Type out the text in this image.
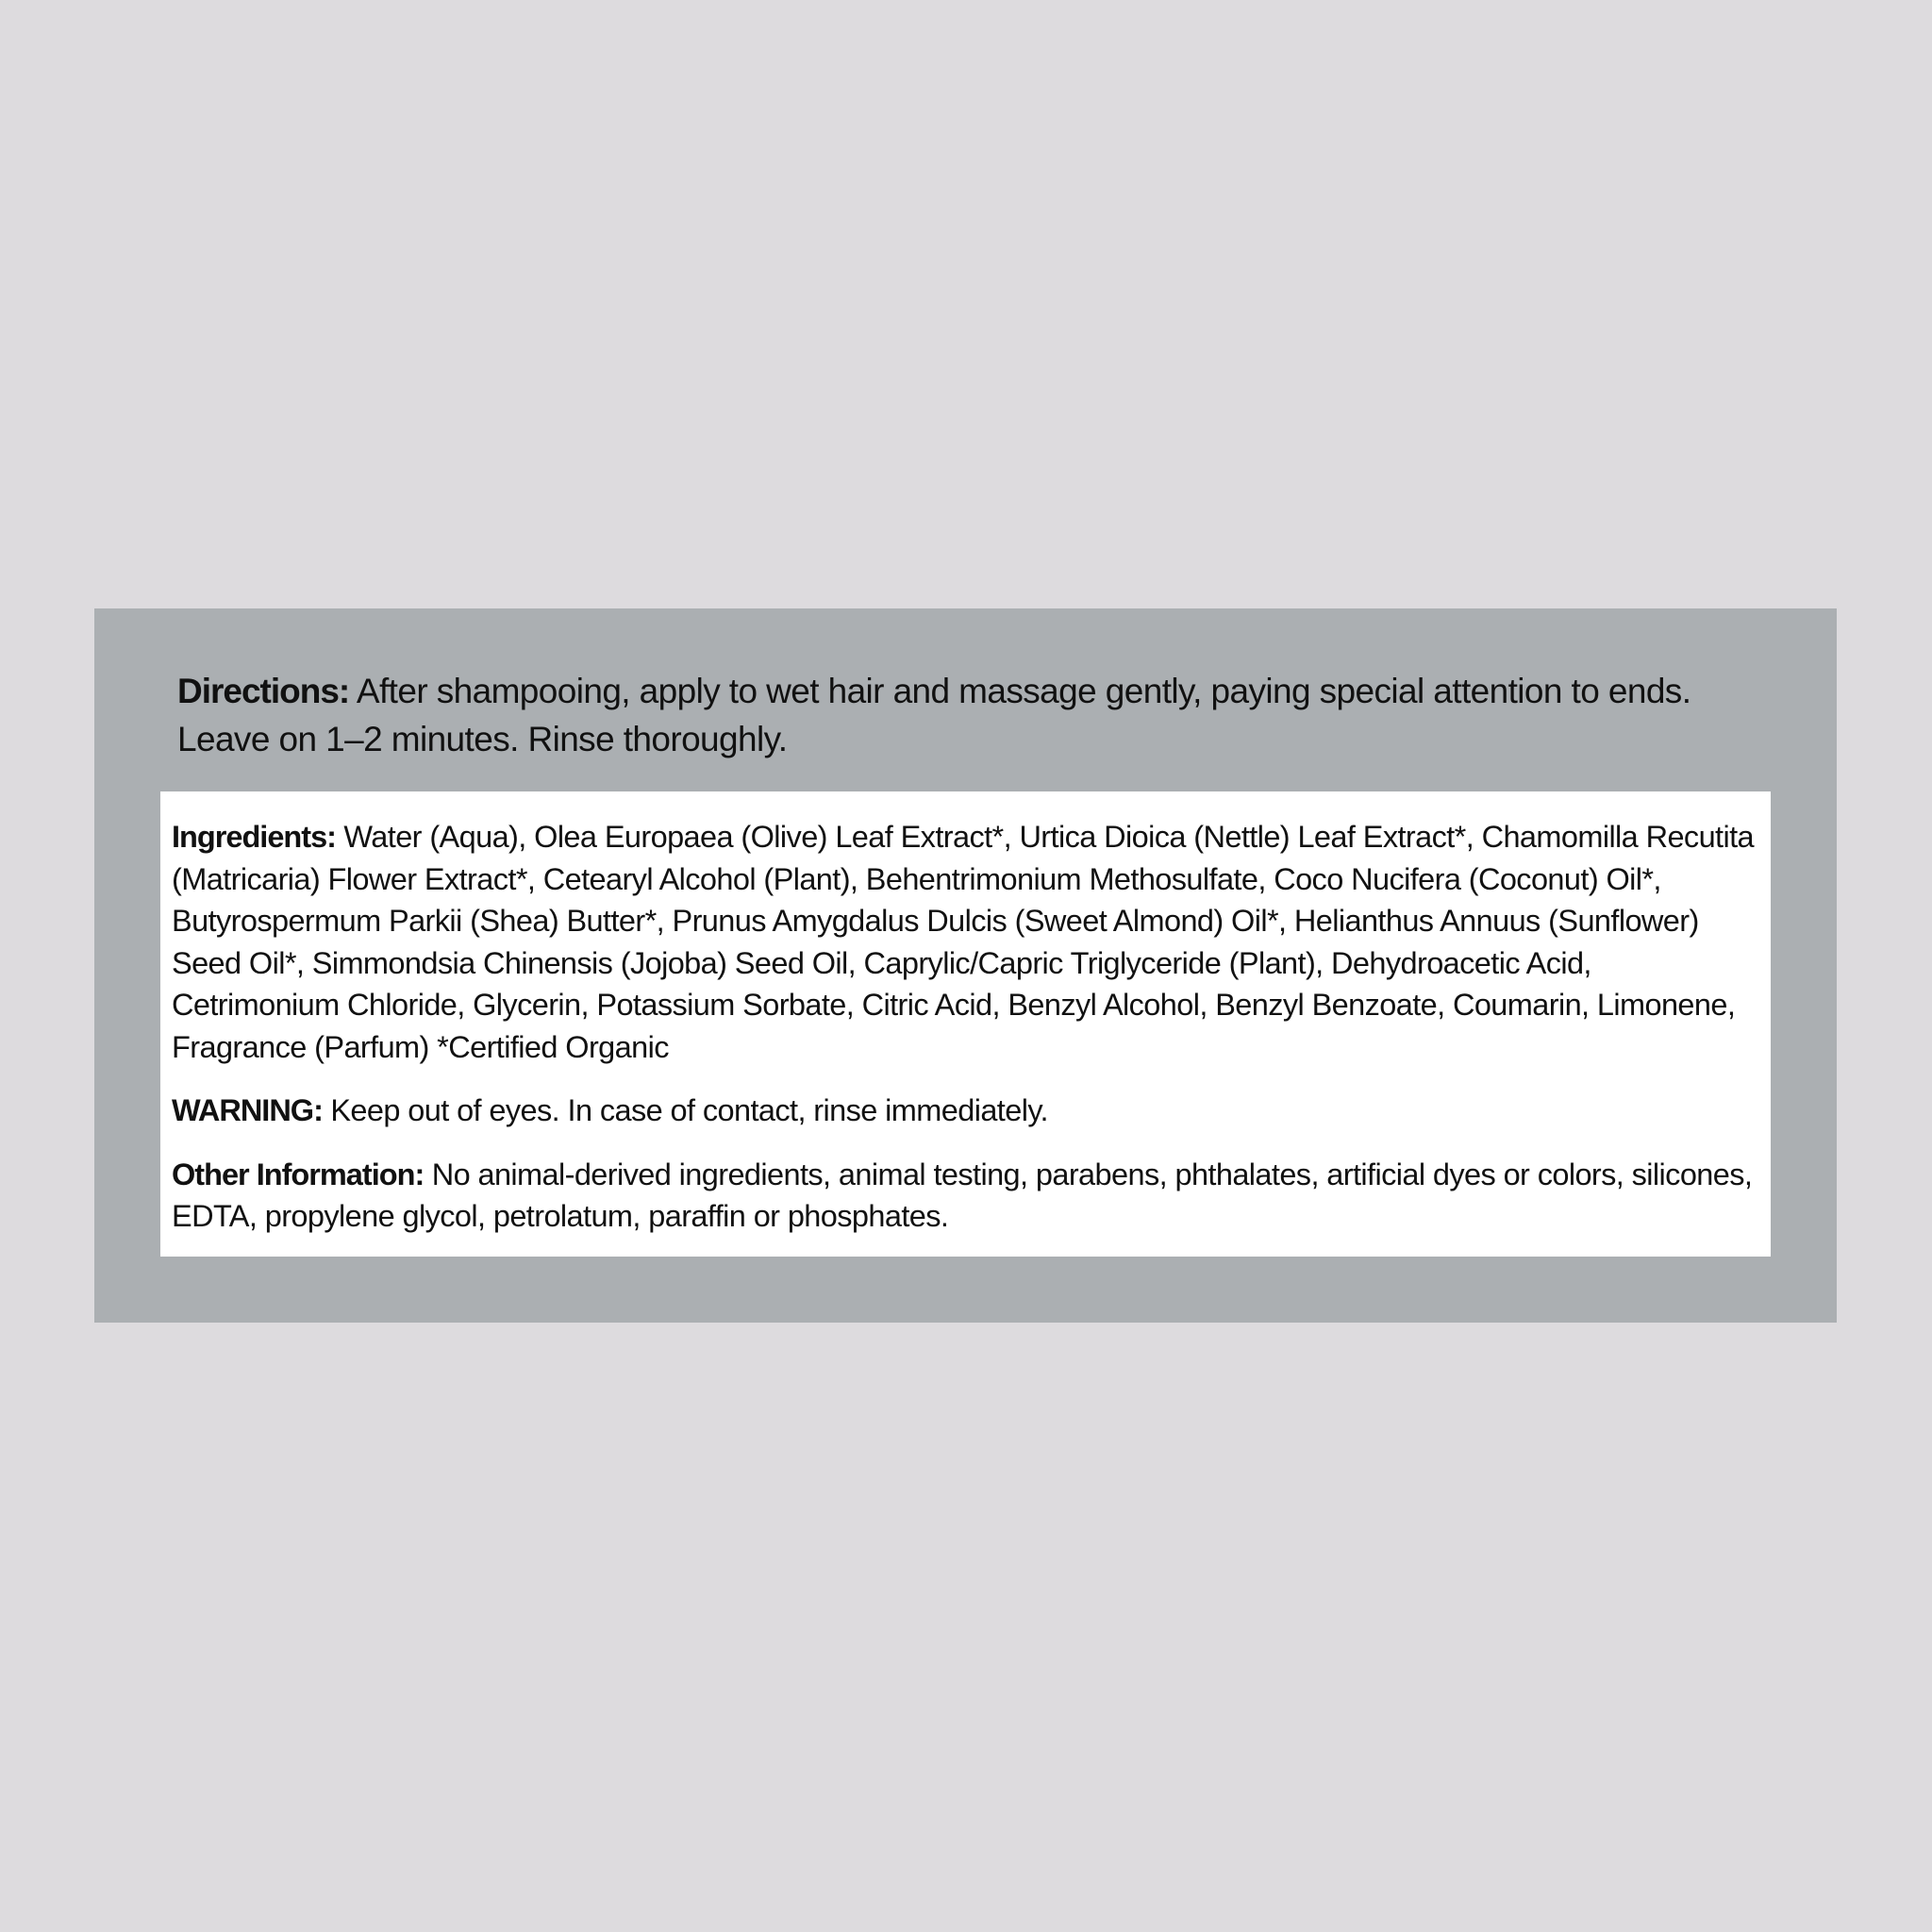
Directions: After shampooing, apply to wet hair and massage gently, paying special attention to ends. Leave on 1–2 minutes. Rinse thoroughly.

Ingredients: Water (Aqua), Olea Europaea (Olive) Leaf Extract*, Urtica Dioica (Nettle) Leaf Extract*, Chamomilla Recutita (Matricaria) Flower Extract*, Cetearyl Alcohol (Plant), Behentrimonium Methosulfate, Coco Nucifera (Coconut) Oil*, Butyrospermum Parkii (Shea) Butter*, Prunus Amygdalus Dulcis (Sweet Almond) Oil*, Helianthus Annuus (Sunflower) Seed Oil*, Simmondsia Chinensis (Jojoba) Seed Oil, Caprylic/Capric Triglyceride (Plant), Dehydroacetic Acid, Cetrimonium Chloride, Glycerin, Potassium Sorbate, Citric Acid, Benzyl Alcohol, Benzyl Benzoate, Coumarin, Limonene, Fragrance (Parfum) *Certified Organic

WARNING: Keep out of eyes. In case of contact, rinse immediately.

Other Information: No animal-derived ingredients, animal testing, parabens, phthalates, artificial dyes or colors, silicones, EDTA, propylene glycol, petrolatum, paraffin or phosphates.
